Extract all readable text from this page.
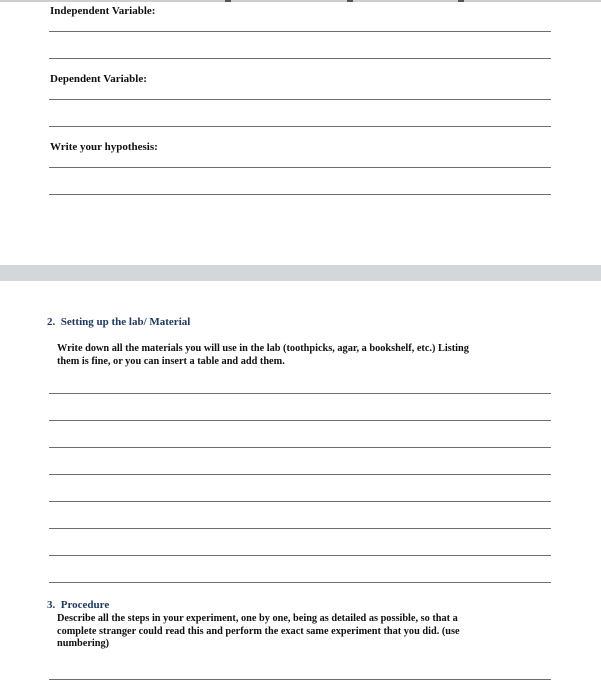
Independent Variable:
Dependent Variable:
Write your hypothesis:
2. Setting up the lab/ Material
Write down all the materials you will use in the lab (toothpicks, agar, a bookshelf, etc.) Listing
them is fine, or you can insert a table and add them.
3. Procedure
Describe all the steps in your experiment, one by one, being as detailed as possible, so that a
complete stranger could read this and perform the exact same experiment that you did. (use
numbering)
